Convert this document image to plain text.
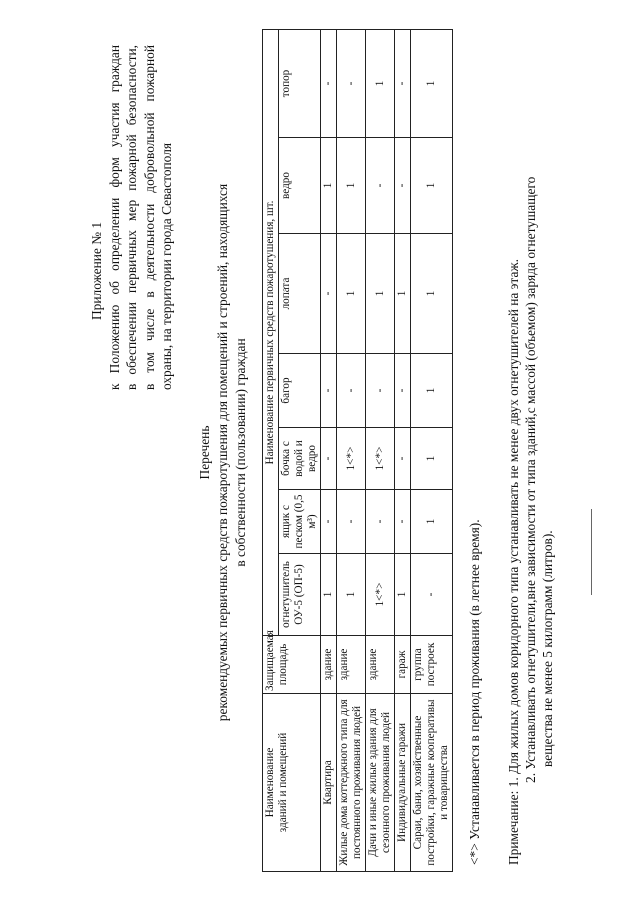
Приложение № 1 к Положению об определении форм участия граждан в обеспечении первичных мер пожарной безопасности, в том числе в деятельности добровольной пожарной охраны, на территории города Севастополя
Перечень рекомендуемых первичных средств пожаротушения для помещений и строений, находящихся в собственности (пользовании) граждан
Наименование
зданий и помещений	Защищаемая площадь	Наименование первичных средств пожаротушения, шт.						
		огнетушитель ОУ-5 (ОП-5)	ящик с песком (0,5 м³)	бочка с водой и ведро	багор	лопата	ведро	топор
Квартира	здание	1	-	-	-	-	1	-
Жилые дома коттеджного типа для постоянного проживания людей	здание	1	-	1<*>	-	1	1	-
Дачи и иные жилые здания для сезонного проживания людей	здание	1<*>	-	1<*>	-	1	-	1
Индивидуальные гаражи	гараж	1	-	-	-	1	-	-
Сараи, бани, хозяйственные постройки, гаражные кооперативы и товарищества	группа построек	-	1	1	1	1	1	1
<*> Устанавливается в период проживания (в летнее время). Примечание: 1. Для жилых домов коридорного типа устанавливать не менее двух огнетушителей на этаж. 2. Устанавливать огнетушители,вне зависимости от типа зданий,с массой (объемом) заряда огнетушащего вещества не менее 5 килограмм (литров).
